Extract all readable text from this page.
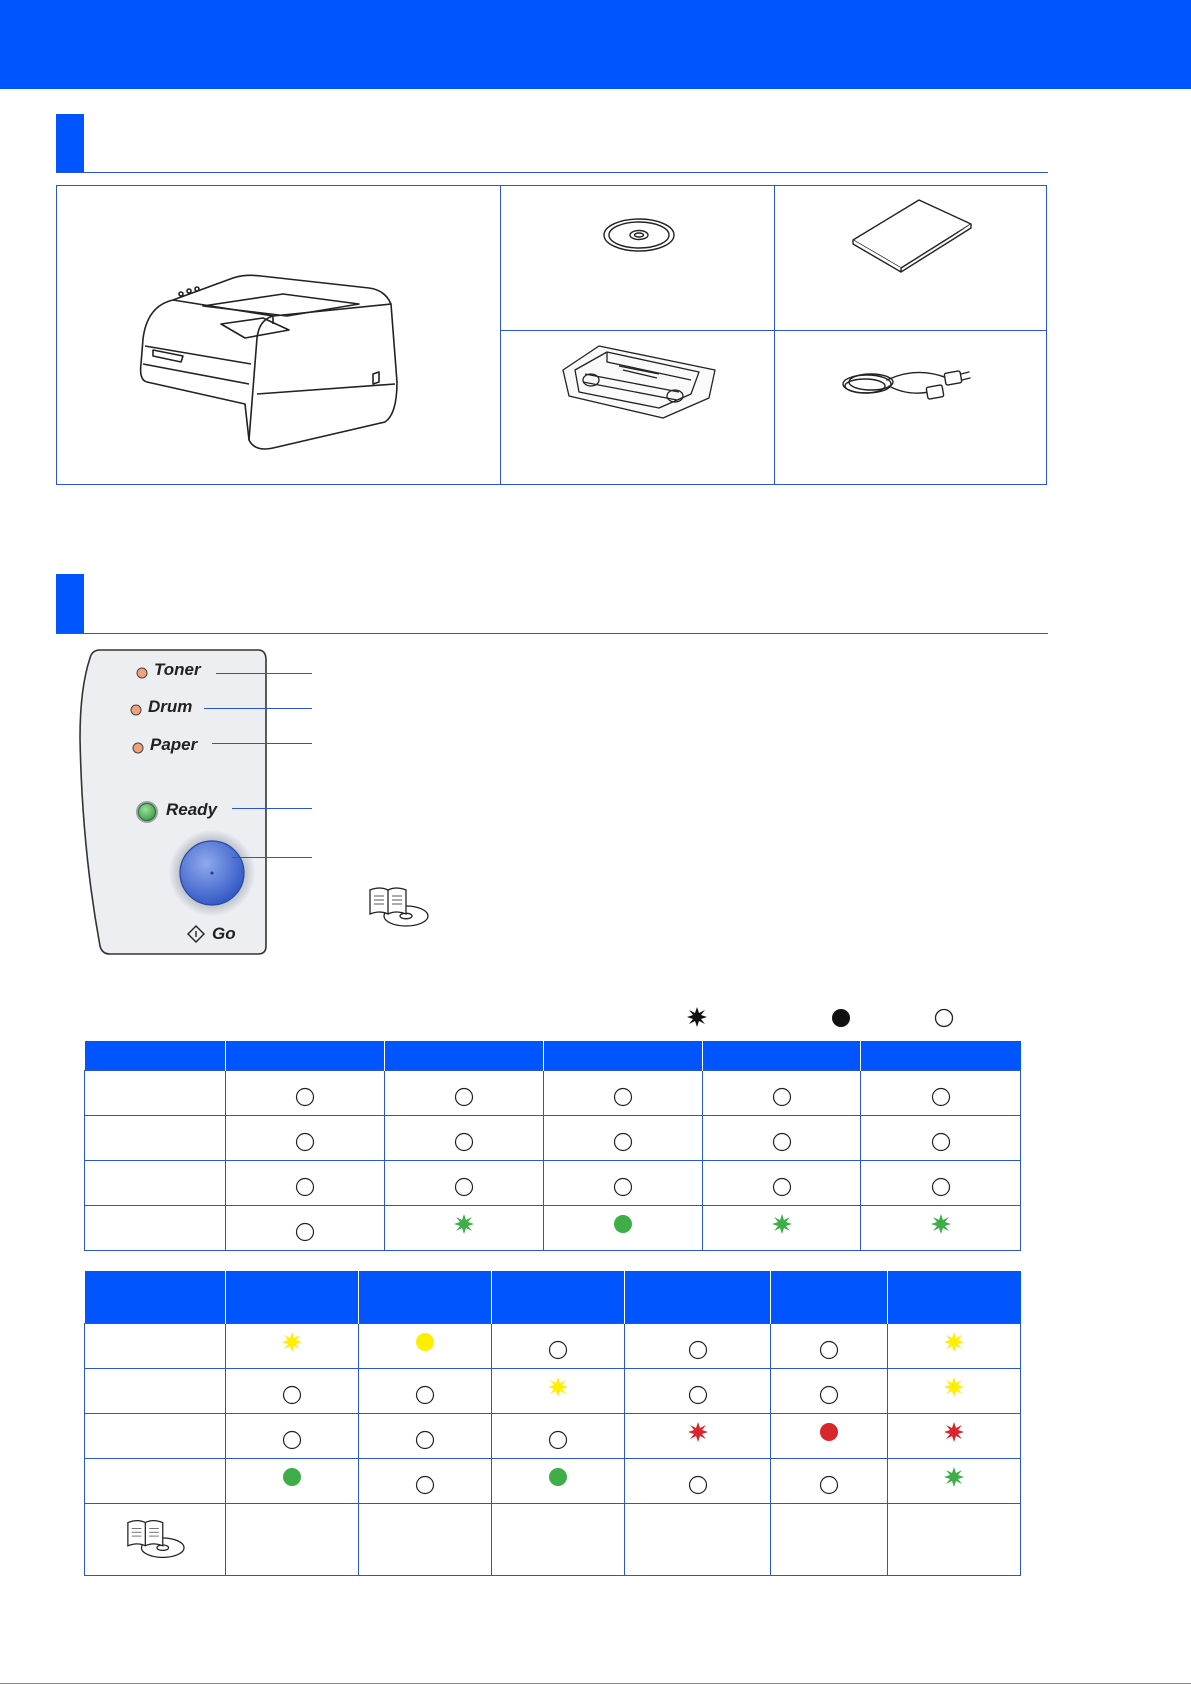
Toner
Drum
Paper
Ready
Go
